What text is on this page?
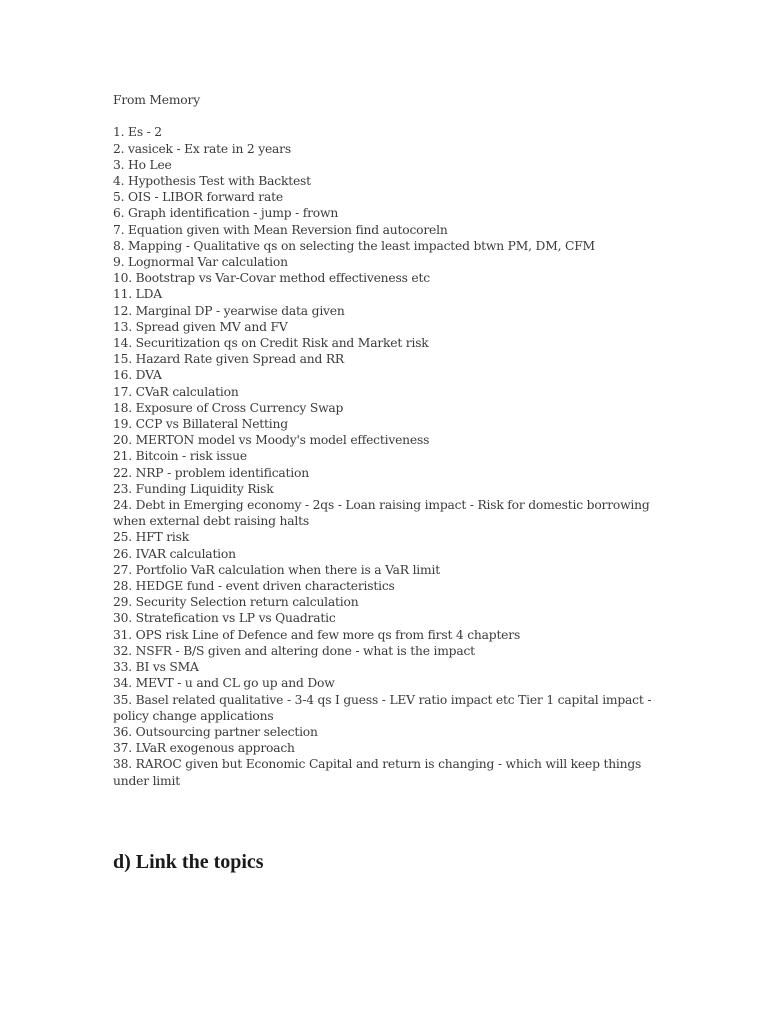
From Memory

1. Es - 2
2. vasicek - Ex rate in 2 years
3. Ho Lee
4. Hypothesis Test with Backtest
5. OIS - LIBOR forward rate
6. Graph identification - jump - frown
7. Equation given with Mean Reversion find autocoreln
8. Mapping - Qualitative qs on selecting the least impacted btwn PM, DM, CFM
9. Lognormal Var calculation
10. Bootstrap vs Var-Covar method effectiveness etc
11. LDA
12. Marginal DP - yearwise data given
13. Spread given MV and FV
14. Securitization qs on Credit Risk and Market risk
15. Hazard Rate given Spread and RR
16. DVA
17. CVaR calculation
18. Exposure of Cross Currency Swap
19. CCP vs Billateral Netting
20. MERTON model vs Moody's model effectiveness
21. Bitcoin - risk issue
22. NRP - problem identification
23. Funding Liquidity Risk
24. Debt in Emerging economy - 2qs - Loan raising impact - Risk for domestic borrowing when external debt raising halts
25. HFT risk
26. IVAR calculation
27. Portfolio VaR calculation when there is a VaR limit
28. HEDGE fund - event driven characteristics
29. Security Selection return calculation
30. Stratefication vs LP vs Quadratic
31. OPS risk Line of Defence and few more qs from first 4 chapters
32. NSFR - B/S given and altering done - what is the impact
33. BI vs SMA
34. MEVT - u and CL go up and Dow
35. Basel related qualitative - 3-4 qs I guess - LEV ratio impact etc Tier 1 capital impact - policy change applications
36. Outsourcing partner selection
37. LVaR exogenous approach
38. RAROC given but Economic Capital and return is changing - which will keep things under limit
d) Link the topics
